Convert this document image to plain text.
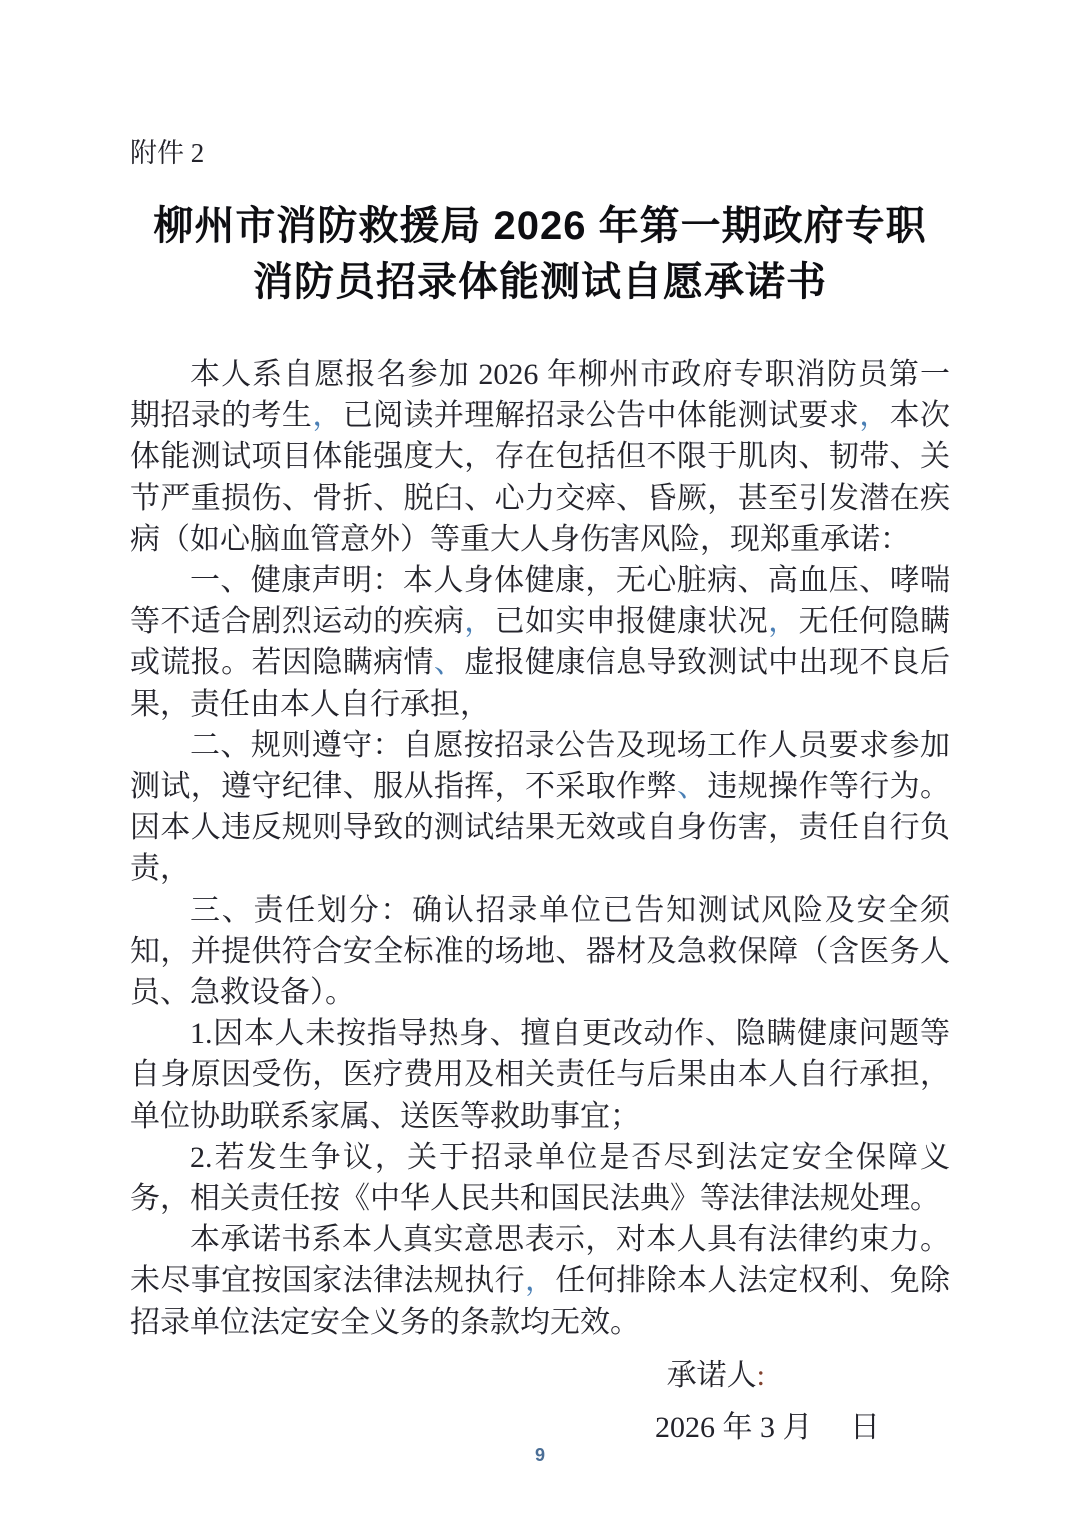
附件 2
柳州市消防救援局 2026 年第一期政府专职
消防员招录体能测试自愿承诺书

本人系自愿报名参加 2026 年柳州市政府专职消防员第一期招录的考生，已阅读并理解招录公告中体能测试要求，本次体能测试项目体能强度大，存在包括但不限于肌肉、韧带、关节严重损伤、骨折、脱臼、心力交瘁、昏厥，甚至引发潜在疾病（如心脑血管意外）等重大人身伤害风险，现郑重承诺：

一、健康声明：本人身体健康，无心脏病、高血压、哮喘等不适合剧烈运动的疾病，已如实申报健康状况，无任何隐瞒或谎报。若因隐瞒病情、虚报健康信息导致测试中出现不良后果，责任由本人自行承担，

二、规则遵守：自愿按招录公告及现场工作人员要求参加测试，遵守纪律、服从指挥，不采取作弊、违规操作等行为。因本人违反规则导致的测试结果无效或自身伤害，责任自行负责，

三、责任划分：确认招录单位已告知测试风险及安全须知，并提供符合安全标准的场地、器材及急救保障（含医务人员、急救设备）。

1.因本人未按指导热身、擅自更改动作、隐瞒健康问题等自身原因受伤，医疗费用及相关责任与后果由本人自行承担，单位协助联系家属、送医等救助事宜；

2.若发生争议，关于招录单位是否尽到法定安全保障义务，相关责任按《中华人民共和国民法典》等法律法规处理。

本承诺书系本人真实意思表示，对本人具有法律约束力。未尽事宜按国家法律法规执行，任何排除本人法定权利、免除招录单位法定安全义务的条款均无效。

承诺人:
2026 年 3 月　 日
9
